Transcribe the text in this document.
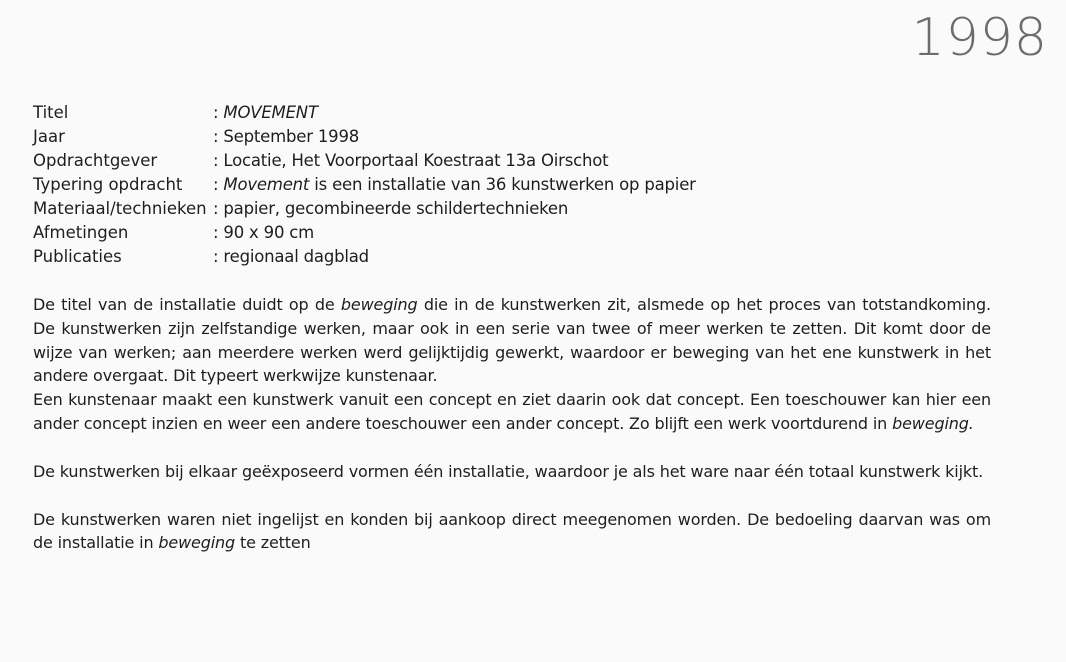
1998
Titel	: MOVEMENT
Jaar	: September 1998
Opdrachtgever	: Locatie, Het Voorportaal Koestraat 13a Oirschot
Typering opdracht	: Movement is een installatie van 36 kunstwerken op papier
Materiaal/technieken : papier, gecombineerde schildertechnieken
Afmetingen	: 90 x 90 cm
Publicaties	: regionaal dagblad

De titel van de installatie duidt op de beweging die in de kunstwerken zit, alsmede op het proces van totstandkoming. De kunstwerken zijn zelfstandige werken, maar ook in een serie van twee of meer werken te zetten. Dit komt door de wijze van werken; aan meerdere werken werd gelijktijdig gewerkt, waardoor er beweging van het ene kunstwerk in het andere overgaat. Dit typeert werkwijze kunstenaar.

Een kunstenaar maakt een kunstwerk vanuit een concept en ziet daarin ook dat concept. Een toeschouwer kan hier een ander concept inzien en weer een andere toeschouwer een ander concept. Zo blijft een werk voortdurend in beweging.

De kunstwerken bij elkaar geëxposeerd vormen één installatie, waardoor je als het ware naar één totaal kunstwerk kijkt.

De kunstwerken waren niet ingelijst en konden bij aankoop direct meegenomen worden. De bedoeling daarvan was om de installatie in beweging te zetten
